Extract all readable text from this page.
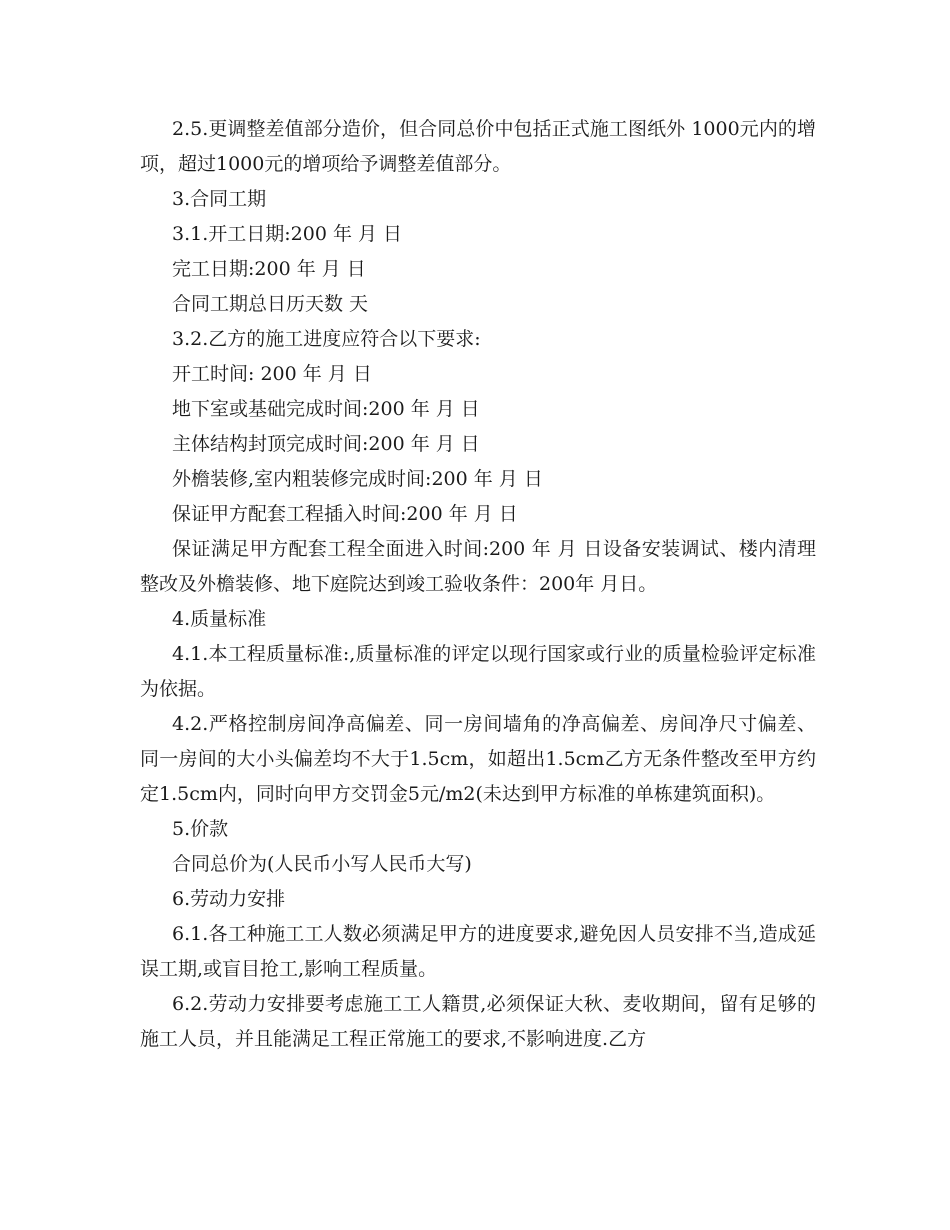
2.5.更调整差值部分造价，但合同总价中包括正式施工图纸外 1000元内的增项，超过1000元的增项给予调整差值部分。

3.合同工期

3.1.开工日期:200 年 月 日

完工日期:200 年 月 日

合同工期总日历天数 天

3.2.乙方的施工进度应符合以下要求:

开工时间: 200 年 月 日

地下室或基础完成时间:200 年 月 日

主体结构封顶完成时间:200 年 月 日

外檐装修,室内粗装修完成时间:200 年 月 日

保证甲方配套工程插入时间:200 年 月 日

保证满足甲方配套工程全面进入时间:200 年 月 日设备安装调试、楼内清理整改及外檐装修、地下庭院达到竣工验收条件：200年 月日。

4.质量标准

4.1.本工程质量标准:,质量标准的评定以现行国家或行业的质量检验评定标准为依据。

4.2.严格控制房间净高偏差、同一房间墙角的净高偏差、房间净尺寸偏差、同一房间的大小头偏差均不大于1.5cm，如超出1.5cm乙方无条件整改至甲方约定1.5cm内，同时向甲方交罚金5元/m2(未达到甲方标准的单栋建筑面积)。

5.价款

合同总价为(人民币小写人民币大写)

6.劳动力安排

6.1.各工种施工工人数必须满足甲方的进度要求,避免因人员安排不当,造成延误工期,或盲目抢工,影响工程质量。

6.2.劳动力安排要考虑施工工人籍贯,必须保证大秋、麦收期间，留有足够的施工人员，并且能满足工程正常施工的要求,不影响进度.乙方
